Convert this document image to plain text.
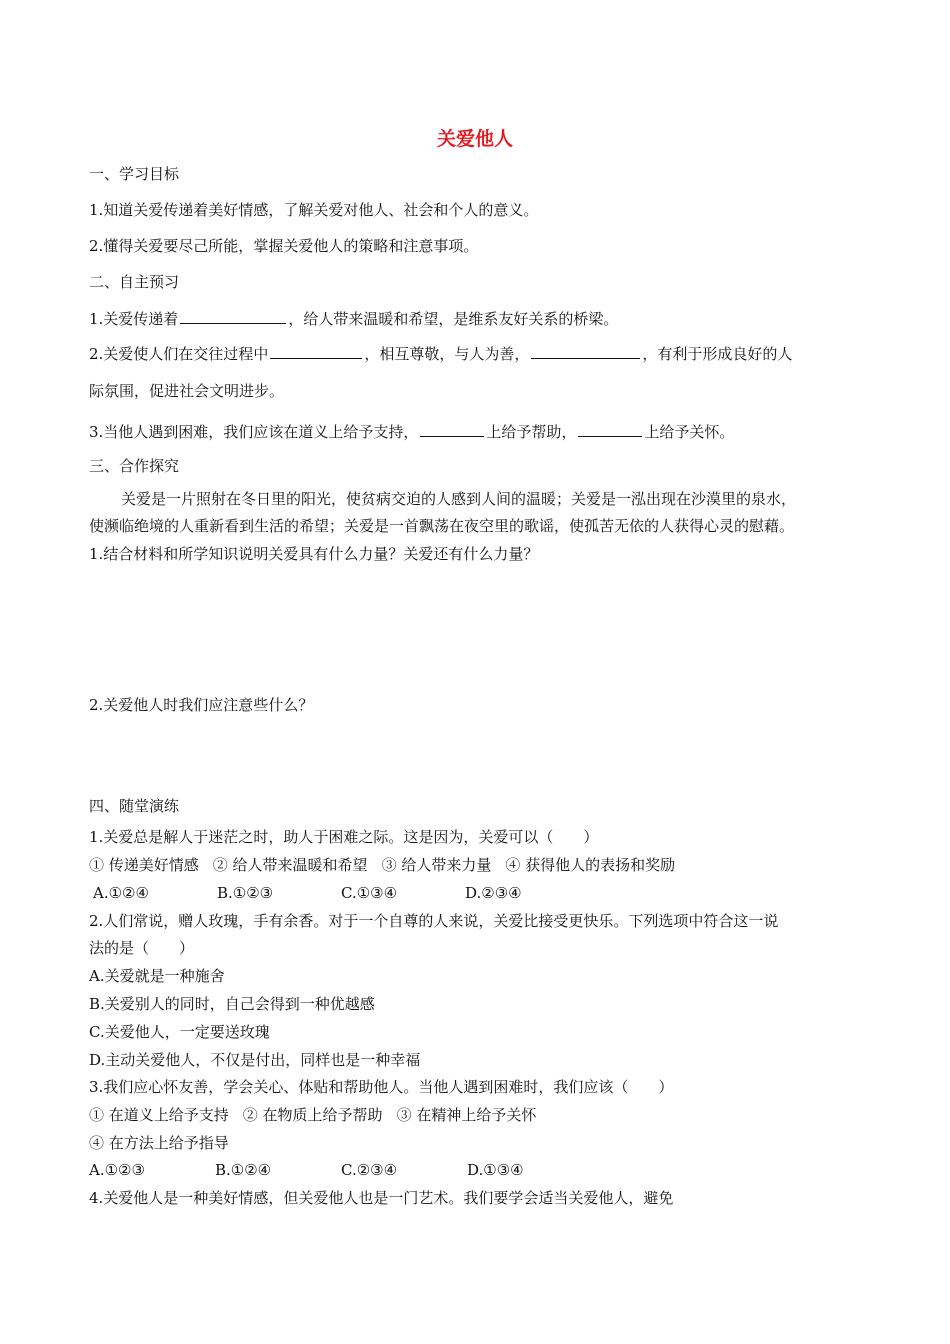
关爱他人
一、学习目标
1.知道关爱传递着美好情感，了解关爱对他人、社会和个人的意义。
2.懂得关爱要尽己所能，掌握关爱他人的策略和注意事项。
二、自主预习
1.关爱传递着	，给人带来温暖和希望，是维系友好关系的桥梁。
2.关爱使人们在交往过程中	，相互尊敬，与人为善，	，有利于形成良好的人
际氛围，促进社会文明进步。
3.当他人遇到困难，我们应该在道义上给予支持，	上给予帮助，	上给予关怀。
三、合作探究
关爱是一片照射在冬日里的阳光，使贫病交迫的人感到人间的温暖；关爱是一泓出现在沙漠里的泉水，
使濒临绝境的人重新看到生活的希望；关爱是一首飘荡在夜空里的歌谣，使孤苦无依的人获得心灵的慰藉。
1.结合材料和所学知识说明关爱具有什么力量？关爱还有什么力量？
2.关爱他人时我们应注意些什么？
四、随堂演练
1.关爱总是解人于迷茫之时，助人于困难之际。这是因为，关爱可以（　　）
① 传递美好情感 ② 给人带来温暖和希望 ③ 给人带来力量 ④ 获得他人的表扬和奖励
A.①②④	B.①②③	C.①③④	D.②③④
2.人们常说，赠人玫瑰，手有余香。对于一个自尊的人来说，关爱比接受更快乐。下列选项中符合这一说
法的是（　　）
A.关爱就是一种施舍
B.关爱别人的同时，自己会得到一种优越感
C.关爱他人，一定要送玫瑰
D.主动关爱他人，不仅是付出，同样也是一种幸福
3.我们应心怀友善，学会关心、体贴和帮助他人。当他人遇到困难时，我们应该（　　）
① 在道义上给予支持 ② 在物质上给予帮助 ③ 在精神上给予关怀
④ 在方法上给予指导
A.①②③	B.①②④	C.②③④	D.①③④
4.关爱他人是一种美好情感，但关爱他人也是一门艺术。我们要学会适当关爱他人，避免
